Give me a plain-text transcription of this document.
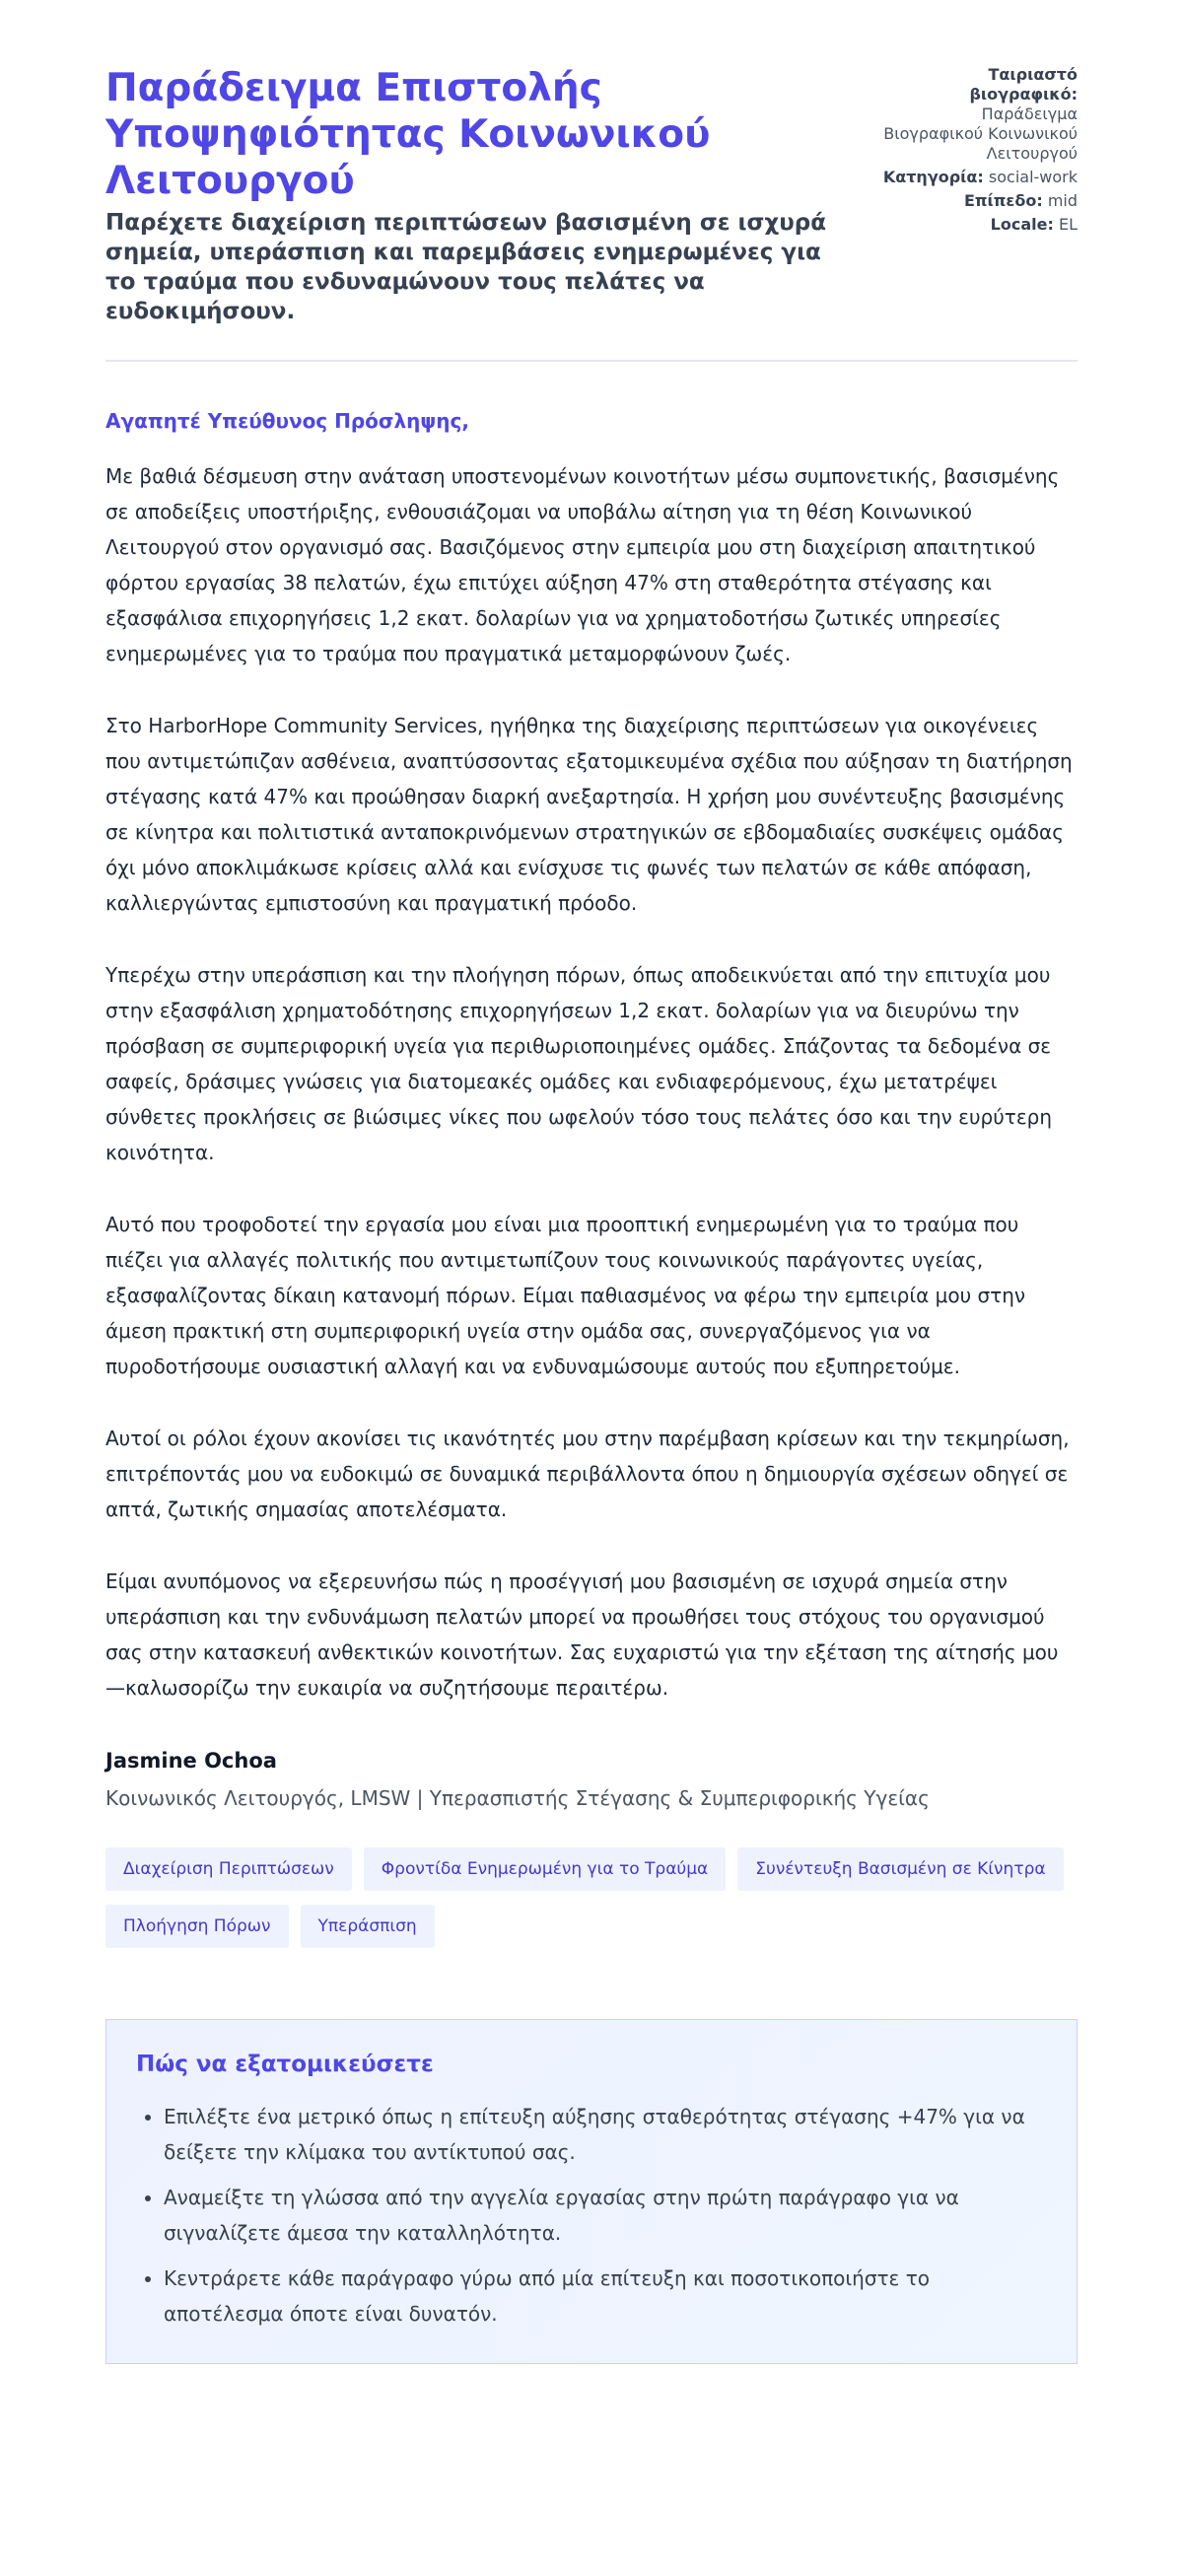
Παράδειγμα Επιστολής Υποψηφιότητας Κοινωνικού Λειτουργού

Παρέχετε διαχείριση περιπτώσεων βασισμένη σε ισχυρά σημεία, υπεράσπιση και παρεμβάσεις ενημερωμένες για το τραύμα που ενδυναμώνουν τους πελάτες να ευδοκιμήσουν.

Ταιριαστό βιογραφικό: Παράδειγμα Βιογραφικού Κοινωνικού Λειτουργού
Κατηγορία: social-work
Επίπεδο: mid
Locale: EL
Αγαπητέ Υπεύθυνος Πρόσληψης,

Με βαθιά δέσμευση στην ανάταση υποστενομένων κοινοτήτων μέσω συμπονετικής, βασισμένης σε αποδείξεις υποστήριξης, ενθουσιάζομαι να υποβάλω αίτηση για τη θέση Κοινωνικού Λειτουργού στον οργανισμό σας. Βασιζόμενος στην εμπειρία μου στη διαχείριση απαιτητικού φόρτου εργασίας 38 πελατών, έχω επιτύχει αύξηση 47% στη σταθερότητα στέγασης και εξασφάλισα επιχορηγήσεις 1,2 εκατ. δολαρίων για να χρηματοδοτήσω ζωτικές υπηρεσίες ενημερωμένες για το τραύμα που πραγματικά μεταμορφώνουν ζωές.

Στο HarborHope Community Services, ηγήθηκα της διαχείρισης περιπτώσεων για οικογένειες που αντιμετώπιζαν ασθένεια, αναπτύσσοντας εξατομικευμένα σχέδια που αύξησαν τη διατήρηση στέγασης κατά 47% και προώθησαν διαρκή ανεξαρτησία. Η χρήση μου συνέντευξης βασισμένης σε κίνητρα και πολιτιστικά ανταποκρινόμενων στρατηγικών σε εβδομαδιαίες συσκέψεις ομάδας όχι μόνο αποκλιμάκωσε κρίσεις αλλά και ενίσχυσε τις φωνές των πελατών σε κάθε απόφαση, καλλιεργώντας εμπιστοσύνη και πραγματική πρόοδο.

Υπερέχω στην υπεράσπιση και την πλοήγηση πόρων, όπως αποδεικνύεται από την επιτυχία μου στην εξασφάλιση χρηματοδότησης επιχορηγήσεων 1,2 εκατ. δολαρίων για να διευρύνω την πρόσβαση σε συμπεριφορική υγεία για περιθωριοποιημένες ομάδες. Σπάζοντας τα δεδομένα σε σαφείς, δράσιμες γνώσεις για διατομεακές ομάδες και ενδιαφερόμενους, έχω μετατρέψει σύνθετες προκλήσεις σε βιώσιμες νίκες που ωφελούν τόσο τους πελάτες όσο και την ευρύτερη κοινότητα.

Αυτό που τροφοδοτεί την εργασία μου είναι μια προοπτική ενημερωμένη για το τραύμα που πιέζει για αλλαγές πολιτικής που αντιμετωπίζουν τους κοινωνικούς παράγοντες υγείας, εξασφαλίζοντας δίκαιη κατανομή πόρων. Είμαι παθιασμένος να φέρω την εμπειρία μου στην άμεση πρακτική στη συμπεριφορική υγεία στην ομάδα σας, συνεργαζόμενος για να πυροδοτήσουμε ουσιαστική αλλαγή και να ενδυναμώσουμε αυτούς που εξυπηρετούμε.

Αυτοί οι ρόλοι έχουν ακονίσει τις ικανότητές μου στην παρέμβαση κρίσεων και την τεκμηρίωση, επιτρέποντάς μου να ευδοκιμώ σε δυναμικά περιβάλλοντα όπου η δημιουργία σχέσεων οδηγεί σε απτά, ζωτικής σημασίας αποτελέσματα.

Είμαι ανυπόμονος να εξερευνήσω πώς η προσέγγισή μου βασισμένη σε ισχυρά σημεία στην υπεράσπιση και την ενδυνάμωση πελατών μπορεί να προωθήσει τους στόχους του οργανισμού σας στην κατασκευή ανθεκτικών κοινοτήτων. Σας ευχαριστώ για την εξέταση της αίτησής μου—καλωσορίζω την ευκαιρία να συζητήσουμε περαιτέρω.

Jasmine Ochoa
Κοινωνικός Λειτουργός, LMSW | Υπερασπιστής Στέγασης & Συμπεριφορικής Υγείας
Διαχείριση Περιπτώσεων	Φροντίδα Ενημερωμένη για το Τραύμα	Συνέντευξη Βασισμένη σε Κίνητρα
Πλοήγηση Πόρων	Υπεράσπιση
Πώς να εξατομικεύσετε
• Επιλέξτε ένα μετρικό όπως η επίτευξη αύξησης σταθερότητας στέγασης +47% για να δείξετε την κλίμακα του αντίκτυπού σας.
• Αναμείξτε τη γλώσσα από την αγγελία εργασίας στην πρώτη παράγραφο για να σιγναλίζετε άμεσα την καταλληλότητα.
• Κεντράρετε κάθε παράγραφο γύρω από μία επίτευξη και ποσοτικοποιήστε το αποτέλεσμα όποτε είναι δυνατόν.
